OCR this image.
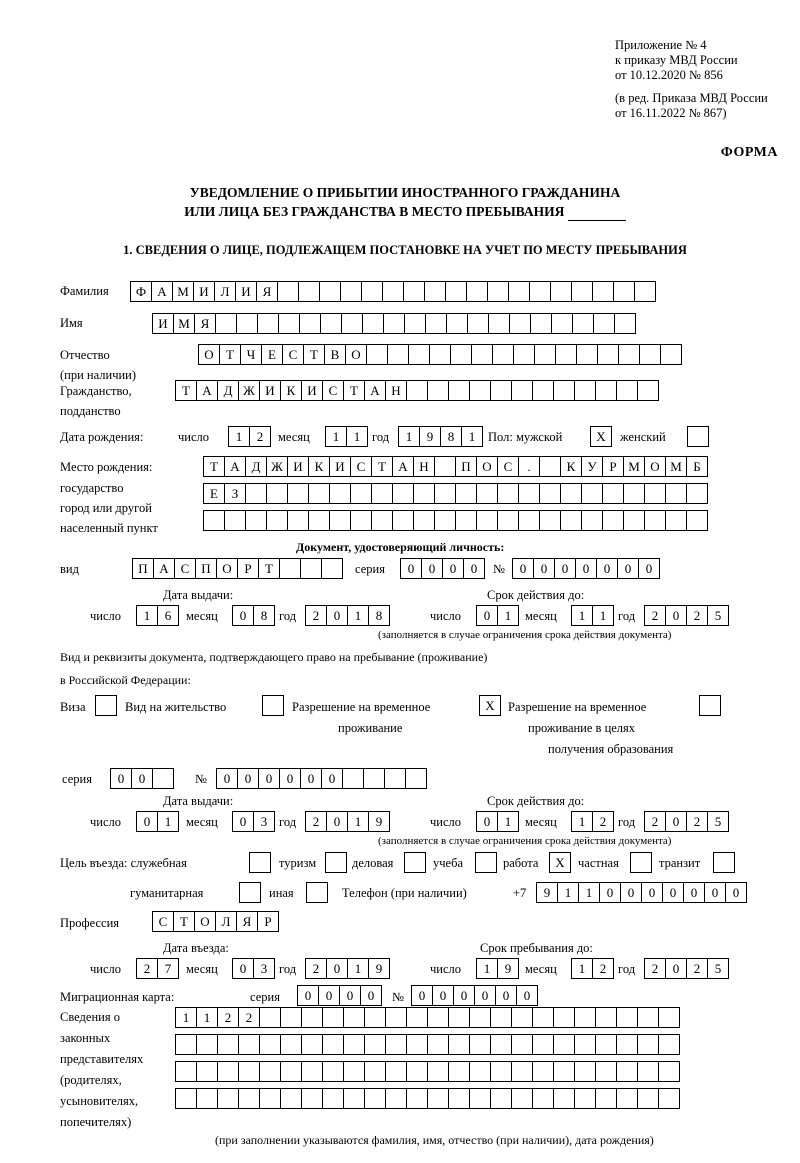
Приложение № 4
к приказу МВД России
от 10.12.2020 № 856
(в ред. Приказа МВД России
от 16.11.2022 № 867)
ФОРМА
УВЕДОМЛЕНИЕ О ПРИБЫТИИ ИНОСТРАННОГО ГРАЖДАНИНА
ИЛИ ЛИЦА БЕЗ ГРАЖДАНСТВА В МЕСТО ПРЕБЫВАНИЯ
1. СВЕДЕНИЯ О ЛИЦЕ, ПОДЛЕЖАЩЕМ ПОСТАНОВКЕ НА УЧЕТ ПО МЕСТУ ПРЕБЫВАНИЯ
Фамилия	Ф А М И Л И Я
Имя	И М Я
Отчество
(при наличии)
О Т Ч Е С Т В О
Гражданство,
подданство
Т А Д Ж И К И С Т А Н
Дата рождения:	число	1	2	месяц	1	1 год	1	9	8	1	Пол: мужской	X	женский
Место рождения:
государство
город или другой
населенный пункт
Т А Д Ж И К И С Т А Н	П О С	.	К У Р М О М Б
Е	З
Документ, удостоверяющий личность:
вид	П А С П О Р	Т	серия	0	0	0	0	№	0	0	0	0	0	0	0
Дата выдачи:	Срок действия до:
число	1	6	месяц	0	8 год	2	0	1	8	число	0	1	месяц	1	1 год	2	0	2	5
(заполняется в случае ограничения срока действия документа)
Вид и реквизиты документа, подтверждающего право на пребывание (проживание)
в Российской Федерации:
Виза	Вид на жительство	Разрешение на временное
проживание
X	Разрешение на временное
проживание в целях
получения образования
серия	0	0	№	0	0	0	0	0	0
Дата выдачи:	Срок действия до:
число	0	1	месяц	0	3 год	2	0	1	9	число	0	1	месяц	1	2 год	2	0	2	5
(заполняется в случае ограничения срока действия документа)
Цель въезда: служебная	туризм	деловая	учеба	работа	X	частная	транзит
гуманитарная	иная	Телефон (при наличии)	+7	9	1	1	0	0	0	0	0	0	0
Профессия	С Т О Л Я	Р
Дата въезда:	Срок пребывания до:
число	2	7	месяц	0	3 год	2	0	1	9	число	1	9	месяц	1	2 год	2	0	2	5
Миграционная карта:	серия	0	0	0	0	№	0	0	0	0	0	0
Сведения о
законных
представителях
(родителях,
усыновителях,
попечителях)
1	1	2	2
(при заполнении указываются фамилия, имя, отчество (при наличии), дата рождения)
